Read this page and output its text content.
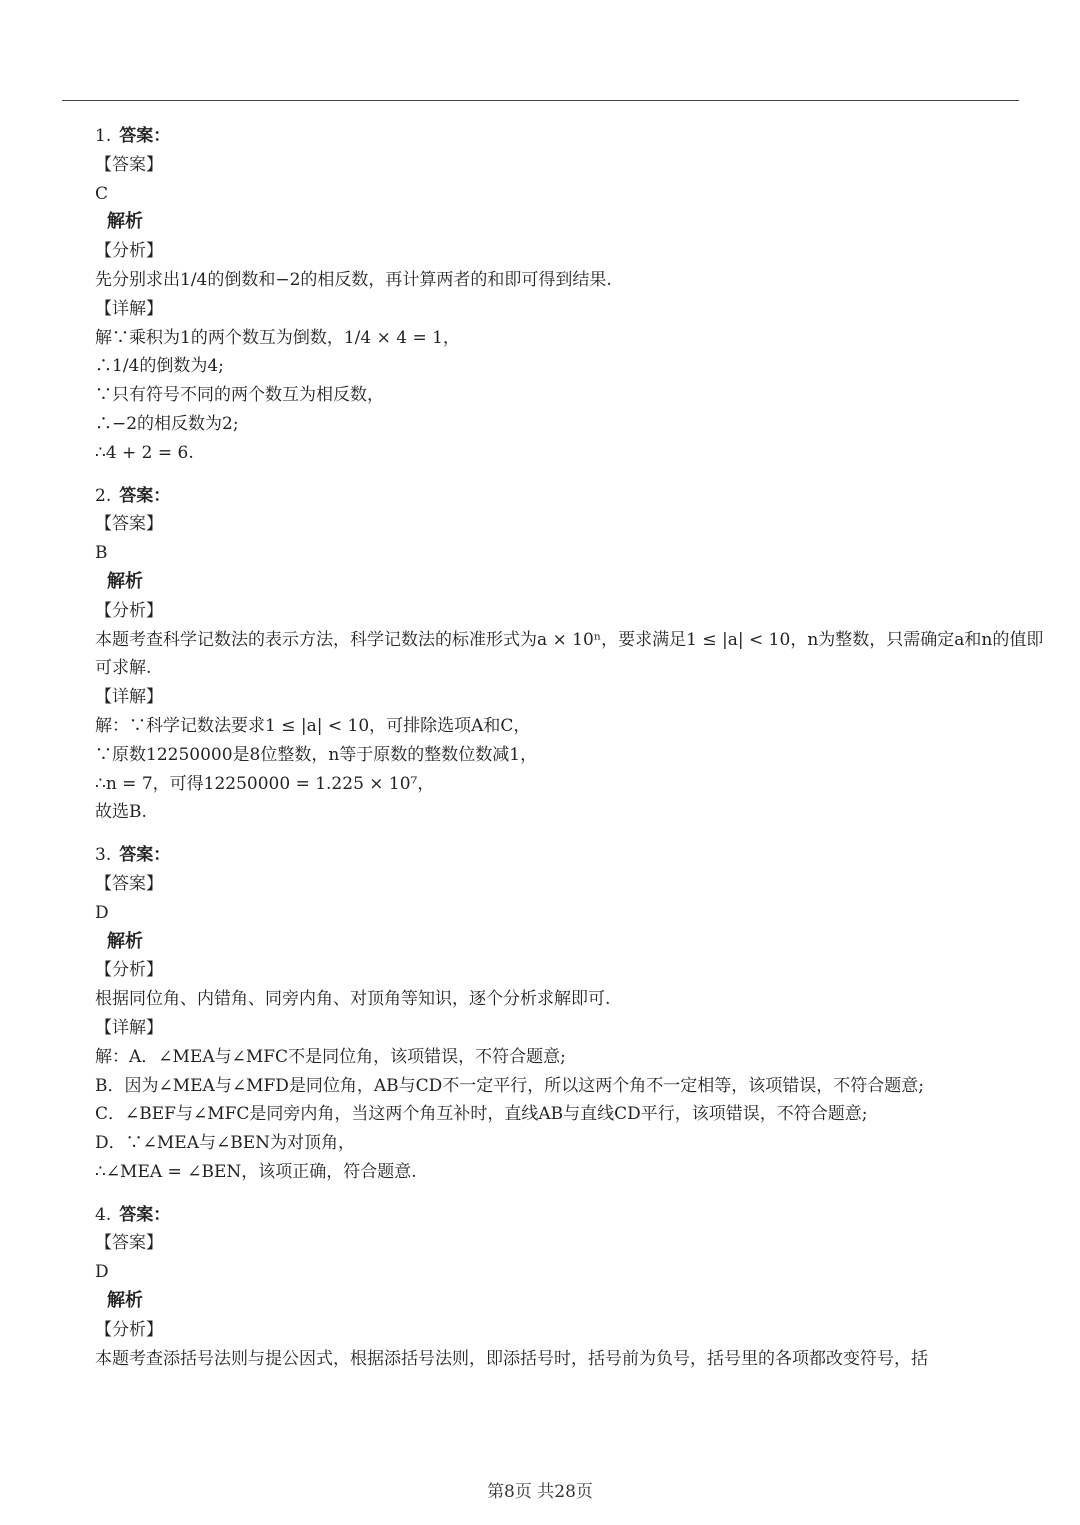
1. 答案：
【答案】
C
解析
【分析】
先分别求出1/4的倒数和−2的相反数，再计算两者的和即可得到结果.
【详解】
解∵乘积为1的两个数互为倒数，1/4 × 4 = 1，
∴1/4的倒数为4;
∵只有符号不同的两个数互为相反数，
∴−2的相反数为2;
∴4 + 2 = 6.
2. 答案：
【答案】
B
解析
【分析】
本题考查科学记数法的表示方法，科学记数法的标准形式为a × 10ⁿ，要求满足1 ≤ |a| < 10，n为整数，只需确定a和n的值即可求解.
【详解】
解：∵科学记数法要求1 ≤ |a| < 10，可排除选项A和C，
∵原数12250000是8位整数，n等于原数的整数位数减1，
∴n = 7，可得12250000 = 1.225 × 10⁷，
故选B.
3. 答案：
【答案】
D
解析
【分析】
根据同位角、内错角、同旁内角、对顶角等知识，逐个分析求解即可.
【详解】
解：A．∠MEA与∠MFC不是同位角，该项错误，不符合题意;
B．因为∠MEA与∠MFD是同位角，AB与CD不一定平行，所以这两个角不一定相等，该项错误，不符合题意;
C．∠BEF与∠MFC是同旁内角，当这两个角互补时，直线AB与直线CD平行，该项错误，不符合题意;
D．∵∠MEA与∠BEN为对顶角，
∴∠MEA = ∠BEN，该项正确，符合题意.
4. 答案：
【答案】
D
解析
【分析】
本题考查添括号法则与提公因式，根据添括号法则，即添括号时，括号前为负号，括号里的各项都改变符号，括
第8页 共28页
